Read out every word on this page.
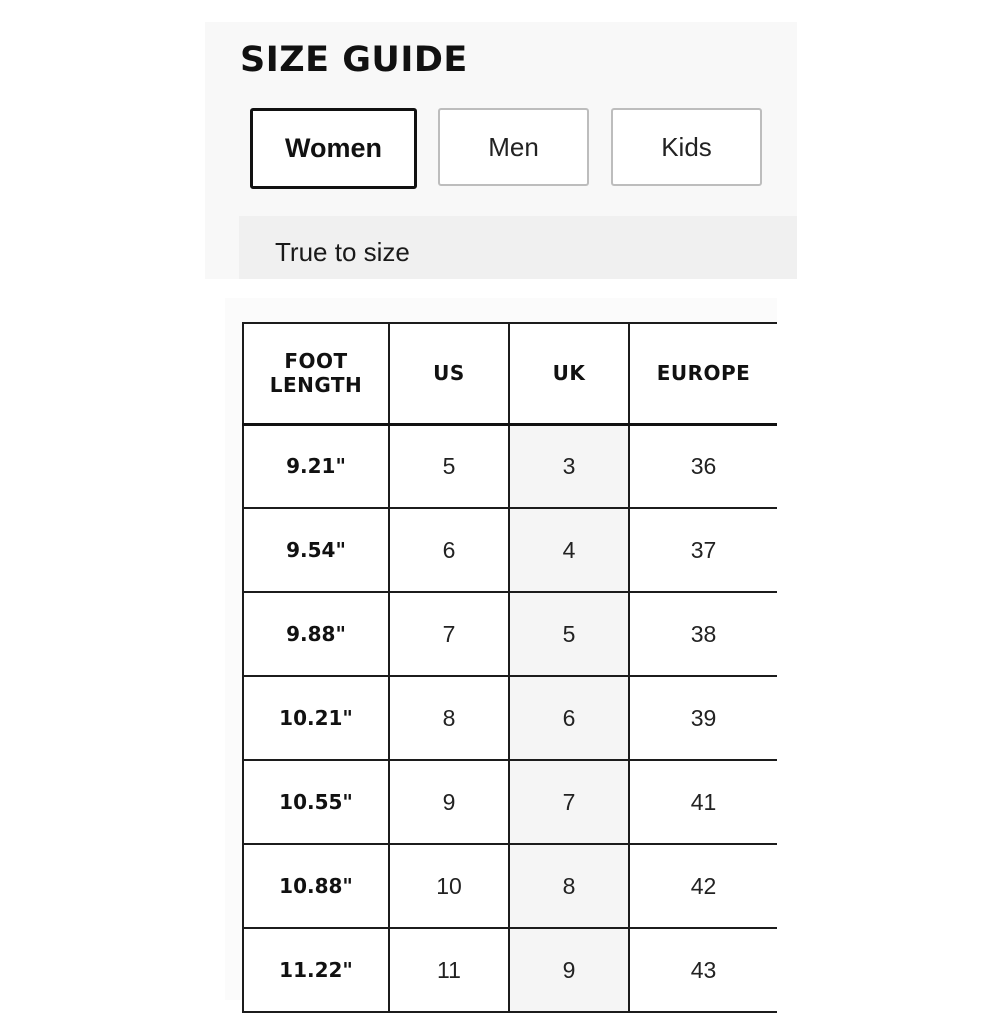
SIZE GUIDE
Women	Men	Kids
True to size
FOOT
LENGTH	US	UK	EUROPE
9.21"	5	3	36
9.54"	6	4	37
9.88"	7	5	38
10.21"	8	6	39
10.55"	9	7	41
10.88"	10	8	42
11.22"	11	9	43
